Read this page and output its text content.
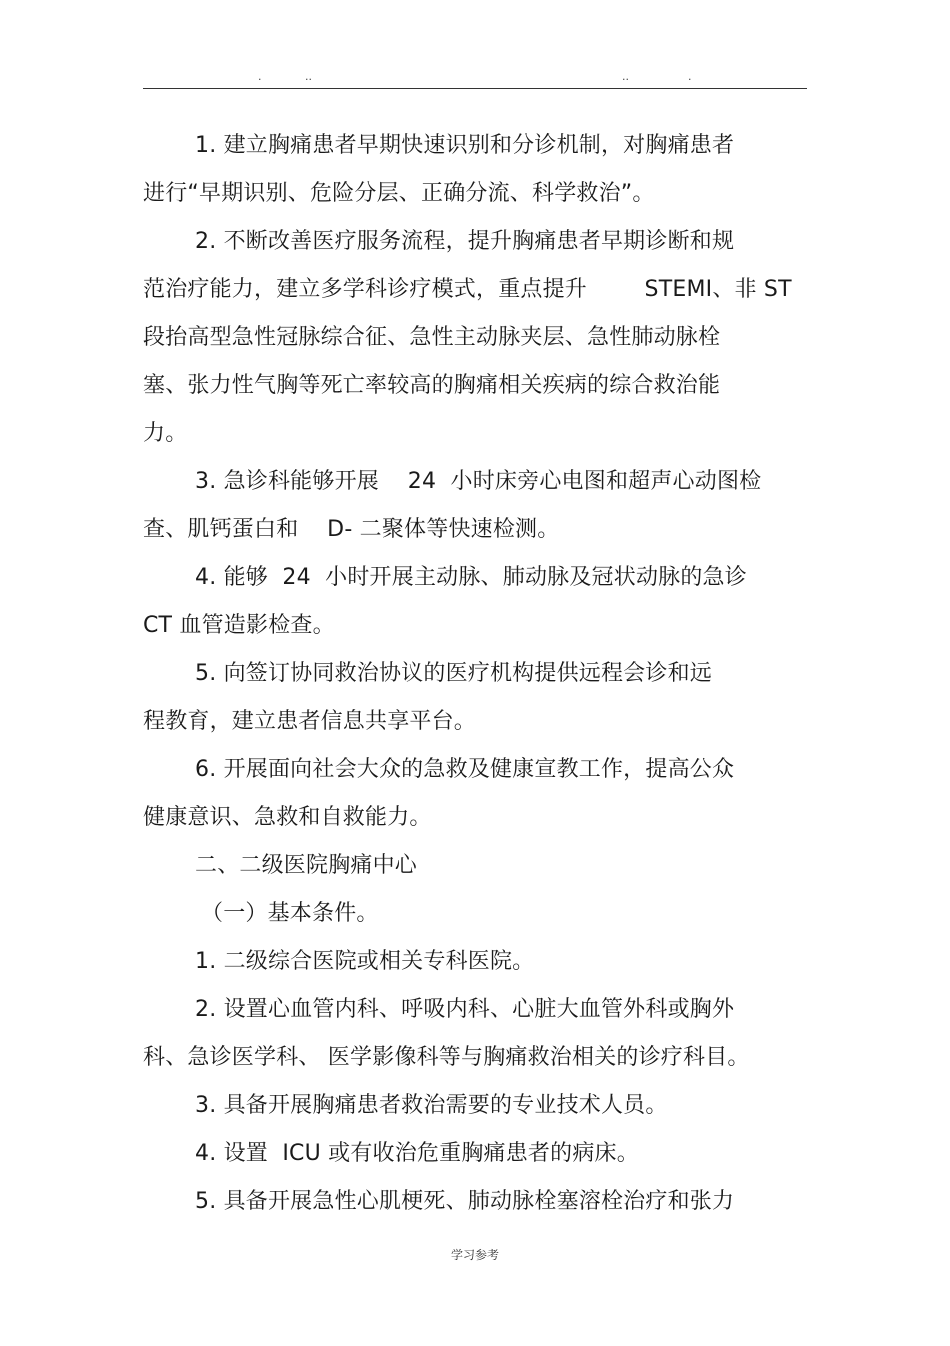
.	..	..	.
1. 建立胸痛患者早期快速识别和分诊机制，对胸痛患者
进行“早期识别、危险分层、正确分流、科学救治”。
2. 不断改善医疗服务流程，提升胸痛患者早期诊断和规
范治疗能力，建立多学科诊疗模式，重点提升        STEMI、非 ST
段抬高型急性冠脉综合征、急性主动脉夹层、急性肺动脉栓
塞、张力性气胸等死亡率较高的胸痛相关疾病的综合救治能
力。
3. 急诊科能够开展    24  小时床旁心电图和超声心动图检
查、肌钙蛋白和    D- 二聚体等快速检测。
4. 能够  24  小时开展主动脉、肺动脉及冠状动脉的急诊
CT 血管造影检查。
5. 向签订协同救治协议的医疗机构提供远程会诊和远
程教育，建立患者信息共享平台。
6. 开展面向社会大众的急救及健康宣教工作，提高公众
健康意识、急救和自救能力。
二、二级医院胸痛中心
（一）基本条件。
1. 二级综合医院或相关专科医院。
2. 设置心血管内科、呼吸内科、心脏大血管外科或胸外
科、急诊医学科、 医学影像科等与胸痛救治相关的诊疗科目。
3. 具备开展胸痛患者救治需要的专业技术人员。
4. 设置  ICU 或有收治危重胸痛患者的病床。
5. 具备开展急性心肌梗死、肺动脉栓塞溶栓治疗和张力
学习参考
